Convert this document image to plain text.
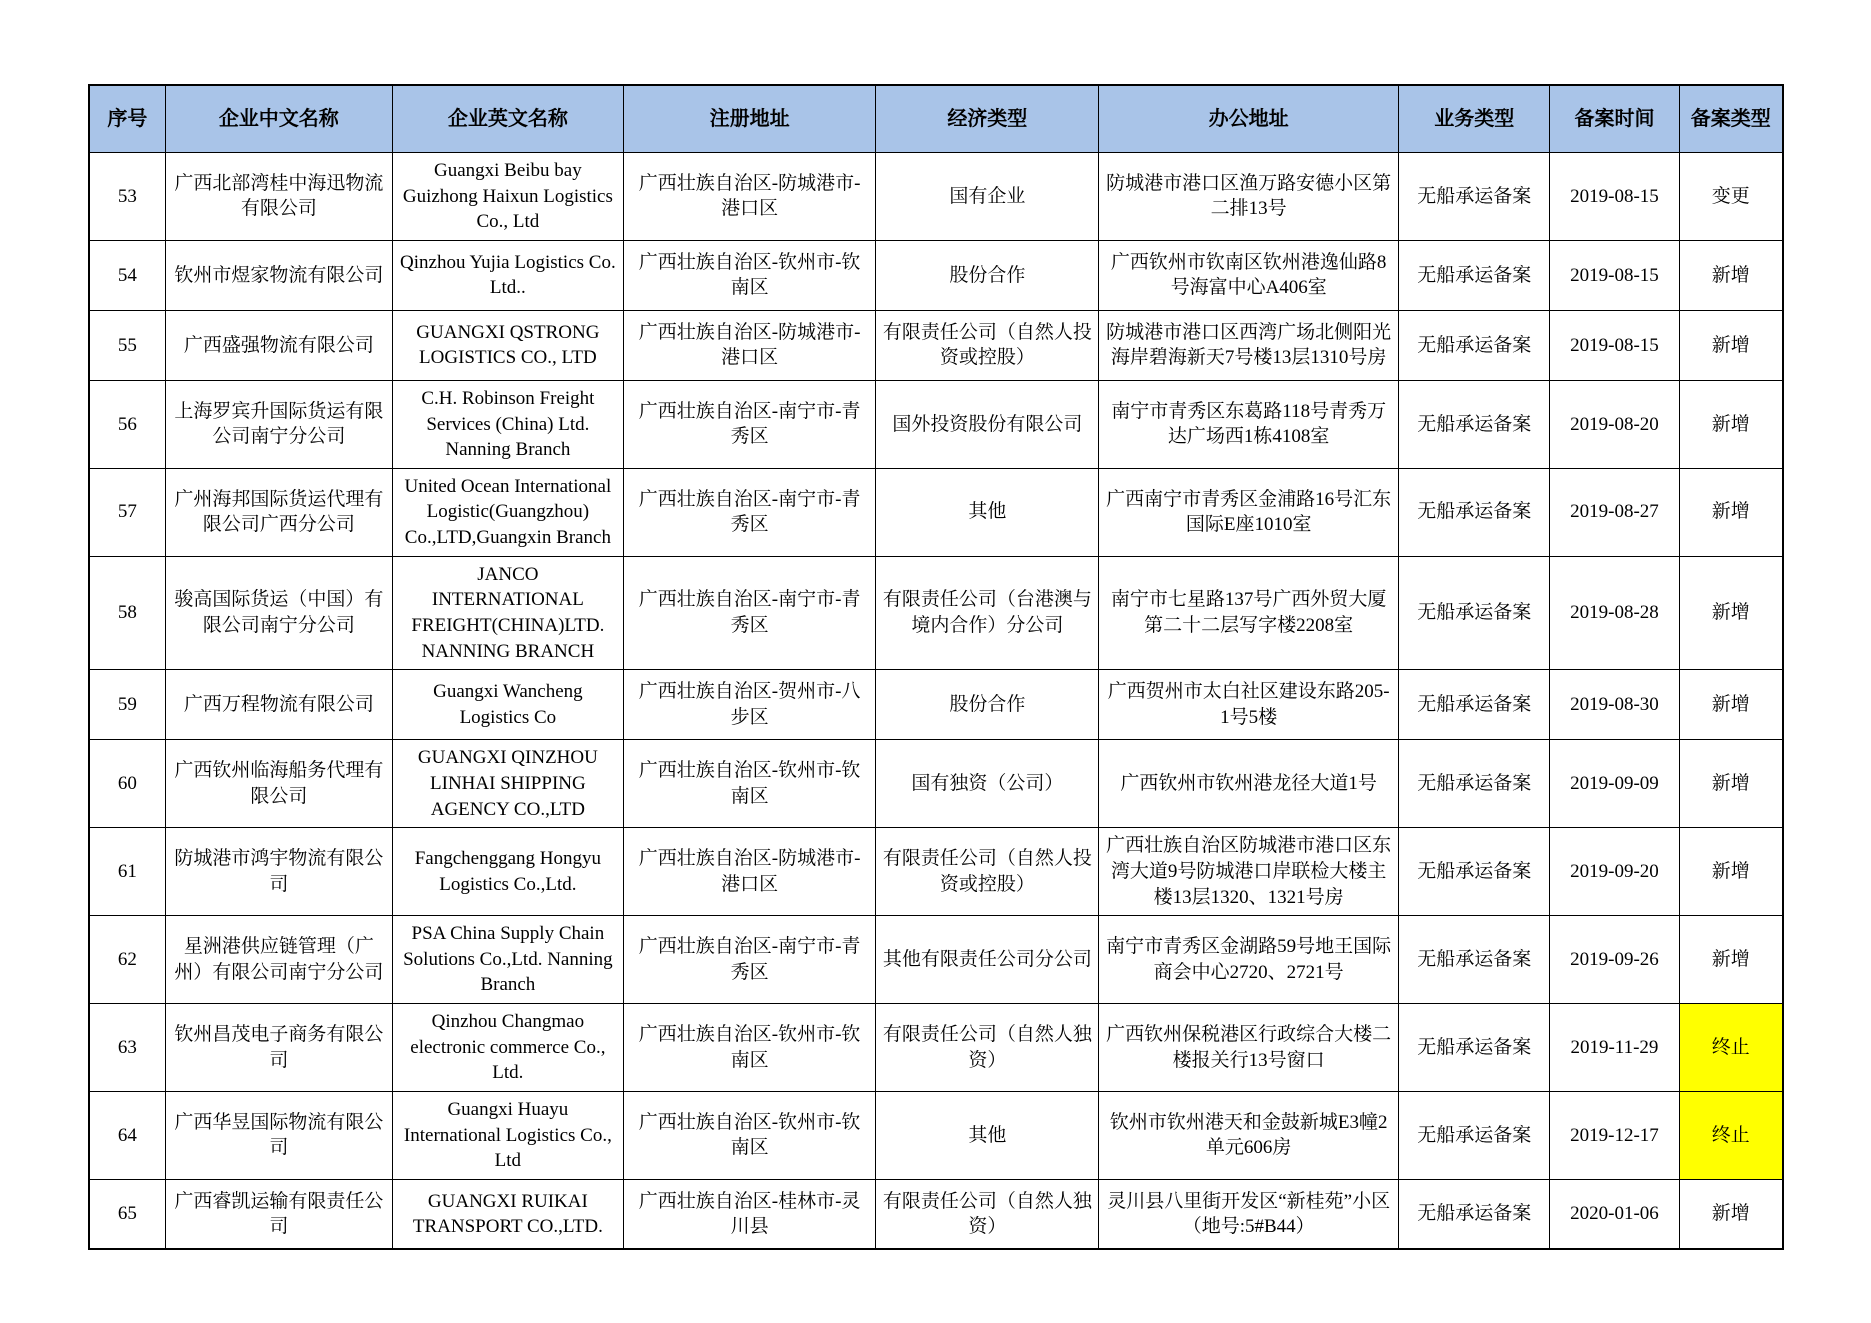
序号	企业中文名称	企业英文名称	注册地址	经济类型	办公地址	业务类型	备案时间	备案类型
53	广西北部湾桂中海迅物流有限公司	Guangxi Beibu bay Guizhong Haixun Logistics Co., Ltd	广西壮族自治区-防城港市-港口区	国有企业	防城港市港口区渔万路安德小区第二排13号	无船承运备案	2019-08-15	变更
54	钦州市煜家物流有限公司	Qinzhou Yujia Logistics Co. Ltd..	广西壮族自治区-钦州市-钦南区	股份合作	广西钦州市钦南区钦州港逸仙路8号海富中心A406室	无船承运备案	2019-08-15	新增
55	广西盛强物流有限公司	GUANGXI QSTRONG LOGISTICS CO., LTD	广西壮族自治区-防城港市-港口区	有限责任公司（自然人投资或控股）	防城港市港口区西湾广场北侧阳光海岸碧海新天7号楼13层1310号房	无船承运备案	2019-08-15	新增
56	上海罗宾升国际货运有限公司南宁分公司	C.H. Robinson Freight Services (China) Ltd. Nanning Branch	广西壮族自治区-南宁市-青秀区	国外投资股份有限公司	南宁市青秀区东葛路118号青秀万达广场西1栋4108室	无船承运备案	2019-08-20	新增
57	广州海邦国际货运代理有限公司广西分公司	United Ocean International Logistic(Guangzhou) Co.,LTD,Guangxin Branch	广西壮族自治区-南宁市-青秀区	其他	广西南宁市青秀区金浦路16号汇东国际E座1010室	无船承运备案	2019-08-27	新增
58	骏高国际货运（中国）有限公司南宁分公司	JANCO INTERNATIONAL FREIGHT(CHINA)LTD. NANNING BRANCH	广西壮族自治区-南宁市-青秀区	有限责任公司（台港澳与境内合作）分公司	南宁市七星路137号广西外贸大厦第二十二层写字楼2208室	无船承运备案	2019-08-28	新增
59	广西万程物流有限公司	Guangxi Wancheng Logistics Co	广西壮族自治区-贺州市-八步区	股份合作	广西贺州市太白社区建设东路205-1号5楼	无船承运备案	2019-08-30	新增
60	广西钦州临海船务代理有限公司	GUANGXI QINZHOU LINHAI SHIPPING AGENCY CO.,LTD	广西壮族自治区-钦州市-钦南区	国有独资（公司）	广西钦州市钦州港龙径大道1号	无船承运备案	2019-09-09	新增
61	防城港市鸿宇物流有限公司	Fangchenggang Hongyu Logistics Co.,Ltd.	广西壮族自治区-防城港市-港口区	有限责任公司（自然人投资或控股）	广西壮族自治区防城港市港口区东湾大道9号防城港口岸联检大楼主楼13层1320、1321号房	无船承运备案	2019-09-20	新增
62	星洲港供应链管理（广州）有限公司南宁分公司	PSA China Supply Chain Solutions Co.,Ltd. Nanning Branch	广西壮族自治区-南宁市-青秀区	其他有限责任公司分公司	南宁市青秀区金湖路59号地王国际商会中心2720、2721号	无船承运备案	2019-09-26	新增
63	钦州昌茂电子商务有限公司	Qinzhou Changmao electronic commerce Co., Ltd.	广西壮族自治区-钦州市-钦南区	有限责任公司（自然人独资）	广西钦州保税港区行政综合大楼二楼报关行13号窗口	无船承运备案	2019-11-29	终止
64	广西华昱国际物流有限公司	Guangxi Huayu International Logistics Co., Ltd	广西壮族自治区-钦州市-钦南区	其他	钦州市钦州港天和金鼓新城E3幢2单元606房	无船承运备案	2019-12-17	终止
65	广西睿凯运输有限责任公司	GUANGXI RUIKAI TRANSPORT CO.,LTD.	广西壮族自治区-桂林市-灵川县	有限责任公司（自然人独资）	灵川县八里街开发区“新桂苑”小区（地号:5#B44）	无船承运备案	2020-01-06	新增
